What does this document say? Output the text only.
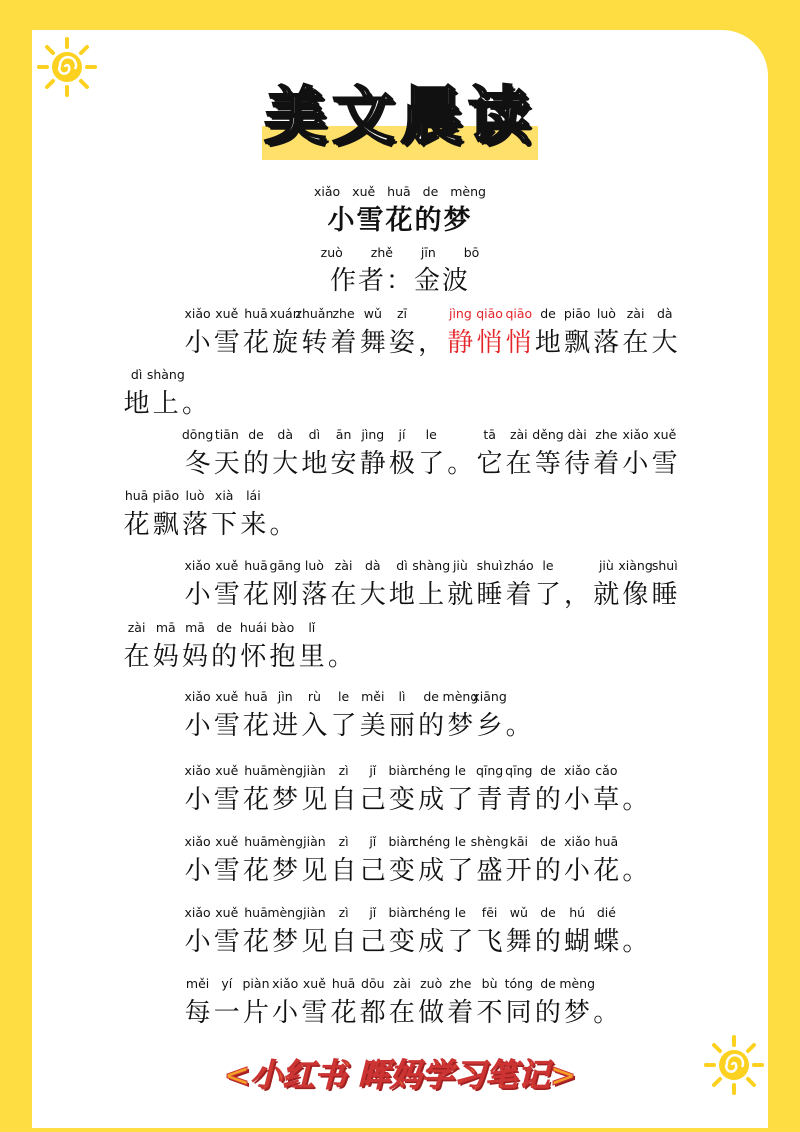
美文晨读
xiǎo xuě huā de mèng
小雪花的梦
zuò zhě jīn bō
作者：金波
xiǎo xuě huā xuán
zhuǎn zhe wǔ zī	jìng qiāo qiāo de piāo luò zài dà
小 雪 花 旋 转 着 舞 姿 ， 静 悄 悄 地 飘 落 在 大
dì shàng
地 上 。
dōng tiān de dà dì ān jìng jí le	tā zài děng dài zhe xiǎo xuě
冬 天 的 大 地 安 静 极 了 。 它 在 等 待 着 小 雪
huā piāo luò xià lái
花 飘 落 下 来 。
xiǎo xuě huā gāng luò zài dà dì shàng jiù shuì zháo le	jiù xiàng shuì
小 雪 花 刚 落 在 大 地 上 就 睡 着 了 ， 就 像 睡
zài mā mā de huái bào lǐ
在 妈 妈 的 怀 抱 里 。
xiǎo xuě huā jìn rù le měi lì de mèng
xiāng
小 雪 花 进 入 了 美 丽 的 梦 乡 。
xiǎo xuě huā mèng jiàn zì jǐ biàn
chéng le qīng qīng de xiǎo cǎo
小 雪 花 梦 见 自 己 变 成 了 青 青 的 小 草 。
xiǎo xuě huā mèng jiàn zì jǐ biàn
chéng le shèng kāi de xiǎo huā
小 雪 花 梦 见 自 己 变 成 了 盛 开 的 小 花 。
xiǎo xuě huā mèng jiàn zì jǐ biàn
chéng le fēi wǔ de hú dié
小 雪 花 梦 见 自 己 变 成 了 飞 舞 的 蝴 蝶 。
měi yí piàn xiǎo xuě huā dōu zài zuò zhe bù tóng de mèng
每 一 片 小 雪 花 都 在 做 着 不 同 的 梦 。
<小红书 晖妈学习笔记>
